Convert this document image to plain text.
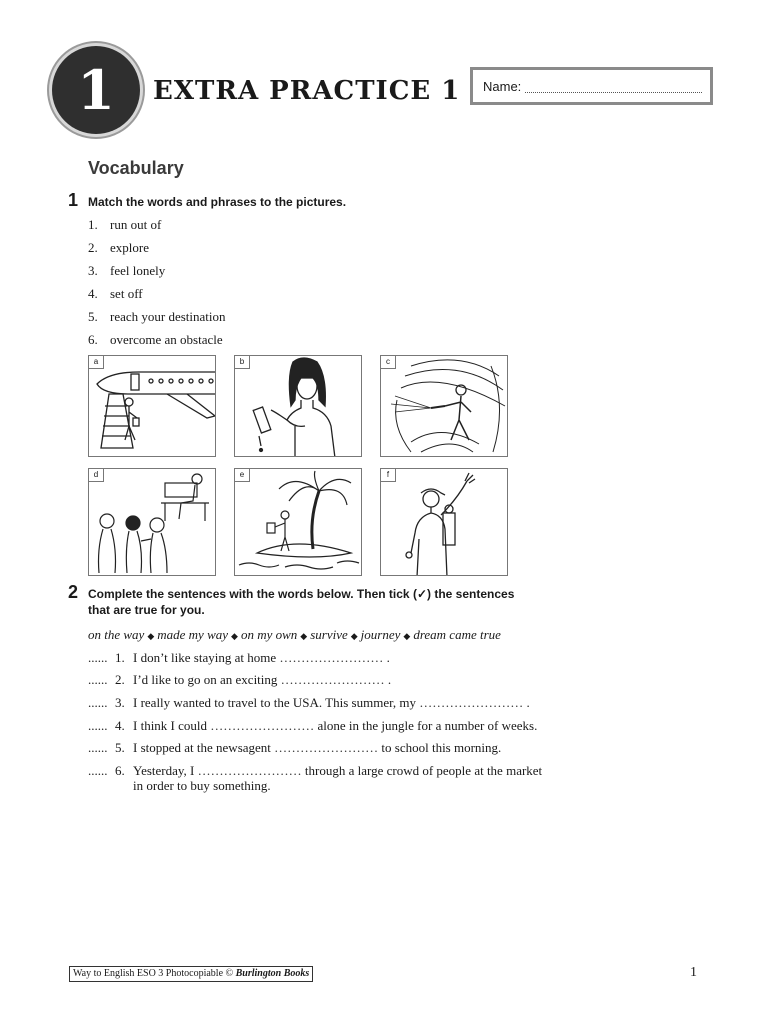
1	EXTRA PRACTICE 1 Name:
Vocabulary
1 Match the words and phrases to the pictures.
1. run out of
2. explore
3. feel lonely
4. set off
5. reach your destination
6. overcome an obstacle
a	b	c
d	e	f
2 Complete the sentences with the words below. Then tick (✓) the sentences
that are true for you.
on the way ◆ made my way ◆ on my own ◆ survive ◆ journey ◆ dream came true
...... 1. I don’t like staying at home …………………… .
...... 2. I’d like to go on an exciting …………………… .
...... 3. I really wanted to travel to the USA. This summer, my …………………… .
...... 4. I think I could …………………… alone in the jungle for a number of weeks.
...... 5. I stopped at the newsagent …………………… to school this morning.
...... 6. Yesterday, I …………………… through a large crowd of people at the market
in order to buy something.
Way to English ESO 3 Photocopiable © Burlington Books	1
